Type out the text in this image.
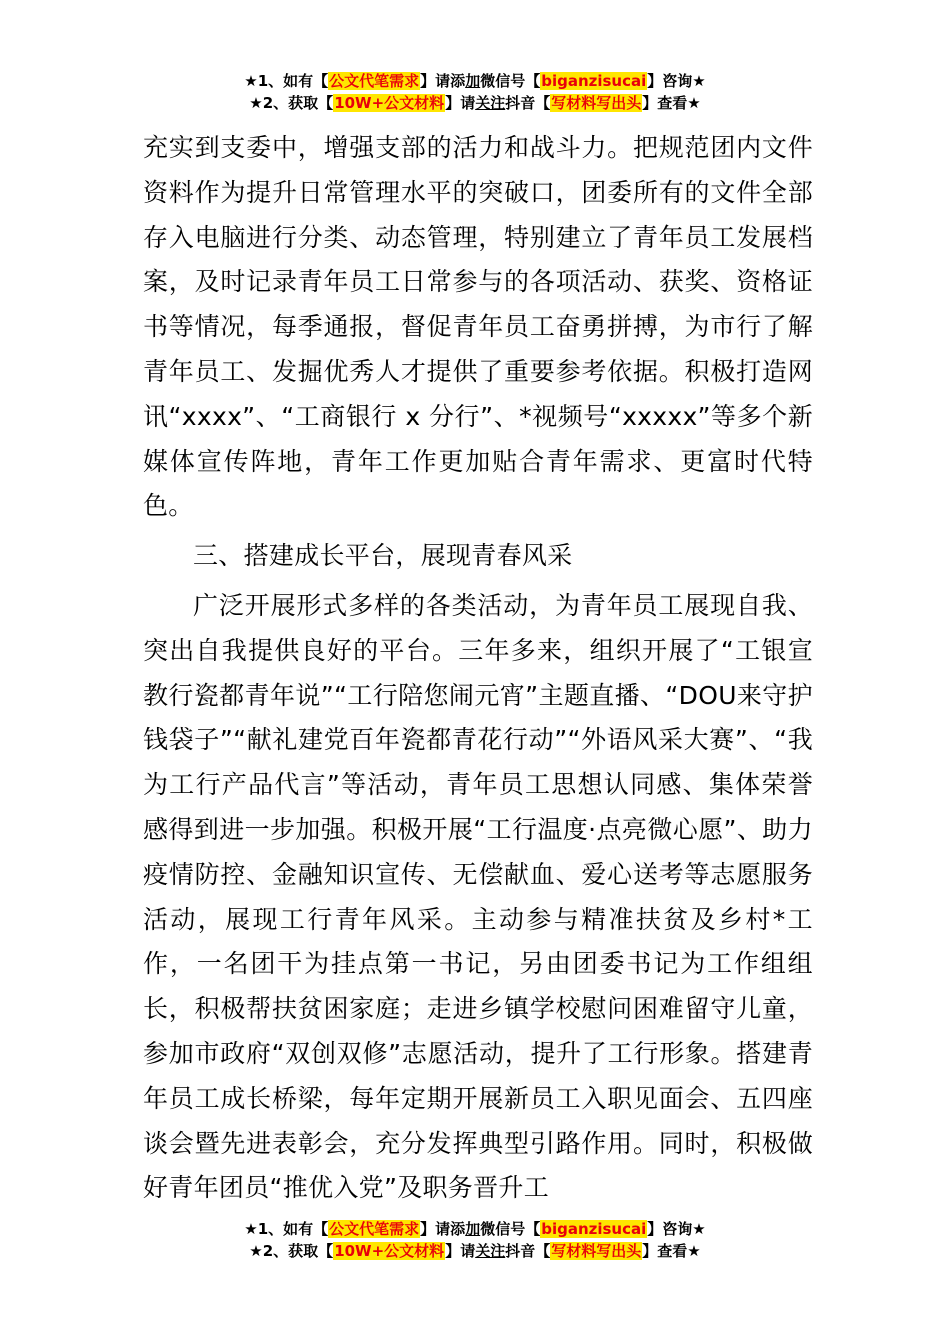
★1、如有【公文代笔需求】请添加微信号【biganzisucai】咨询★
★2、获取【10W+公文材料】请关注抖音【写材料写出头】查看★

充实到支委中，增强支部的活力和战斗力。把规范团内文件资料作为提升日常管理水平的突破口，团委所有的文件全部存入电脑进行分类、动态管理，特别建立了青年员工发展档案，及时记录青年员工日常参与的各项活动、获奖、资格证书等情况，每季通报，督促青年员工奋勇拼搏，为市行了解青年员工、发掘优秀人才提供了重要参考依据。积极打造网讯“xxxx”、“工商银行 x 分行”、*视频号“xxxxx”等多个新媒体宣传阵地，青年工作更加贴合青年需求、更富时代特色。

三、搭建成长平台，展现青春风采

广泛开展形式多样的各类活动，为青年员工展现自我、突出自我提供良好的平台。三年多来，组织开展了“工银宣教行瓷都青年说”“工行陪您闹元宵”主题直播、“DOU来守护钱袋子”“献礼建党百年瓷都青花行动”“外语风采大赛”、“我为工行产品代言”等活动，青年员工思想认同感、集体荣誉感得到进一步加强。积极开展“工行温度·点亮微心愿”、助力疫情防控、金融知识宣传、无偿献血、爱心送考等志愿服务活动，展现工行青年风采。主动参与精准扶贫及乡村*工作，一名团干为挂点第一书记，另由团委书记为工作组组长，积极帮扶贫困家庭；走进乡镇学校慰问困难留守儿童，参加市政府“双创双修”志愿活动，提升了工行形象。搭建青年员工成长桥梁，每年定期开展新员工入职见面会、五四座谈会暨先进表彰会，充分发挥典型引路作用。同时，积极做好青年团员“推优入党”及职务晋升工

★1、如有【公文代笔需求】请添加微信号【biganzisucai】咨询★
★2、获取【10W+公文材料】请关注抖音【写材料写出头】查看★
